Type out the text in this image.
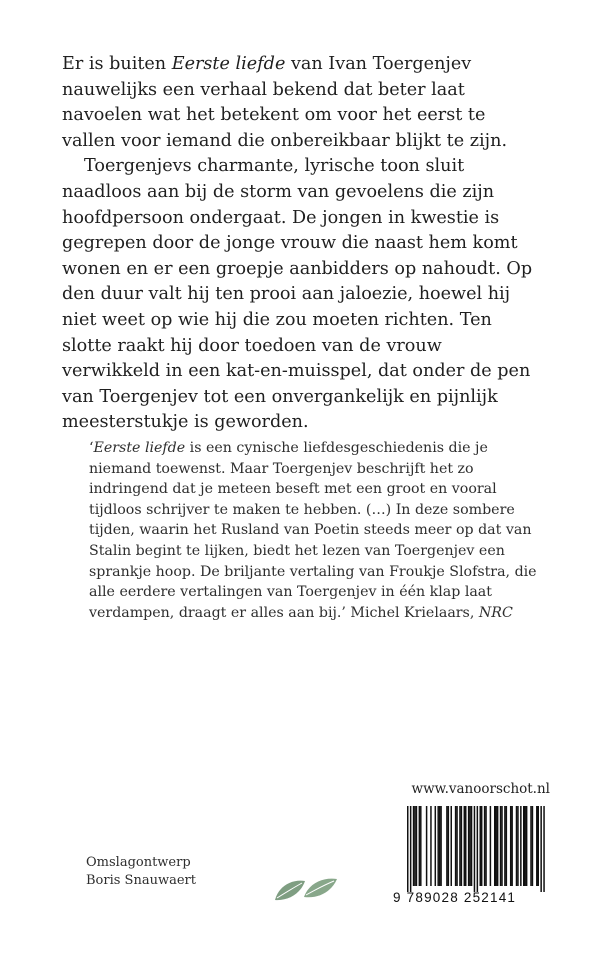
Er is buiten Eerste liefde van Ivan Toergenjev nauwelijks een verhaal bekend dat beter laat navoelen wat het betekent om voor het eerst te vallen voor iemand die onbereikbaar blijkt te zijn.

Toergenjevs charmante, lyrische toon sluit naadloos aan bij de storm van gevoelens die zijn hoofdpersoon ondergaat. De jongen in kwestie is gegrepen door de jonge vrouw die naast hem komt wonen en er een groepje aanbidders op nahoudt. Op den duur valt hij ten prooi aan jaloezie, hoewel hij niet weet op wie hij die zou moeten richten. Ten slotte raakt hij door toedoen van de vrouw verwikkeld in een kat-en-muisspel, dat onder de pen van Toergenjev tot een onvergankelijk en pijnlijk meesterstukje is geworden.

‘Eerste liefde is een cynische liefdesgeschiedenis die je niemand toewenst. Maar Toergenjev beschrijft het zo indringend dat je meteen beseft met een groot en vooral tijdloos schrijver te maken te hebben. (…) In deze sombere tijden, waarin het Rusland van Poetin steeds meer op dat van Stalin begint te lijken, biedt het lezen van Toergenjev een sprankje hoop. De briljante vertaling van Froukje Slofstra, die alle eerdere vertalingen van Toergenjev in één klap laat verdampen, draagt er alles aan bij.’ Michel Krielaars, NRC

Omslagontwerp
Boris Snauwaert
www.vanoorschot.nl
9 789028 252141
